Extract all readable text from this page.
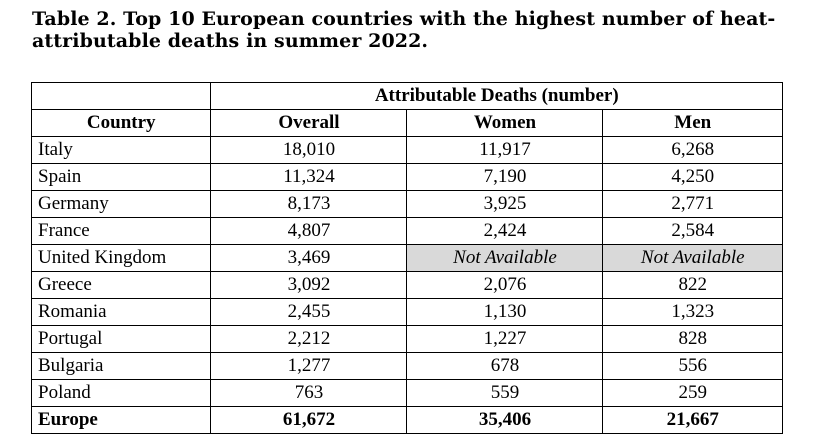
Table 2. Top 10 European countries with the highest number of heat-attributable deaths in summer 2022.
	Attributable Deaths (number)		
Country	Overall	Women	Men
Italy	18,010	11,917	6,268
Spain	11,324	7,190	4,250
Germany	8,173	3,925	2,771
France	4,807	2,424	2,584
United Kingdom	3,469	Not Available	Not Available
Greece	3,092	2,076	822
Romania	2,455	1,130	1,323
Portugal	2,212	1,227	828
Bulgaria	1,277	678	556
Poland	763	559	259
Europe	61,672	35,406	21,667
